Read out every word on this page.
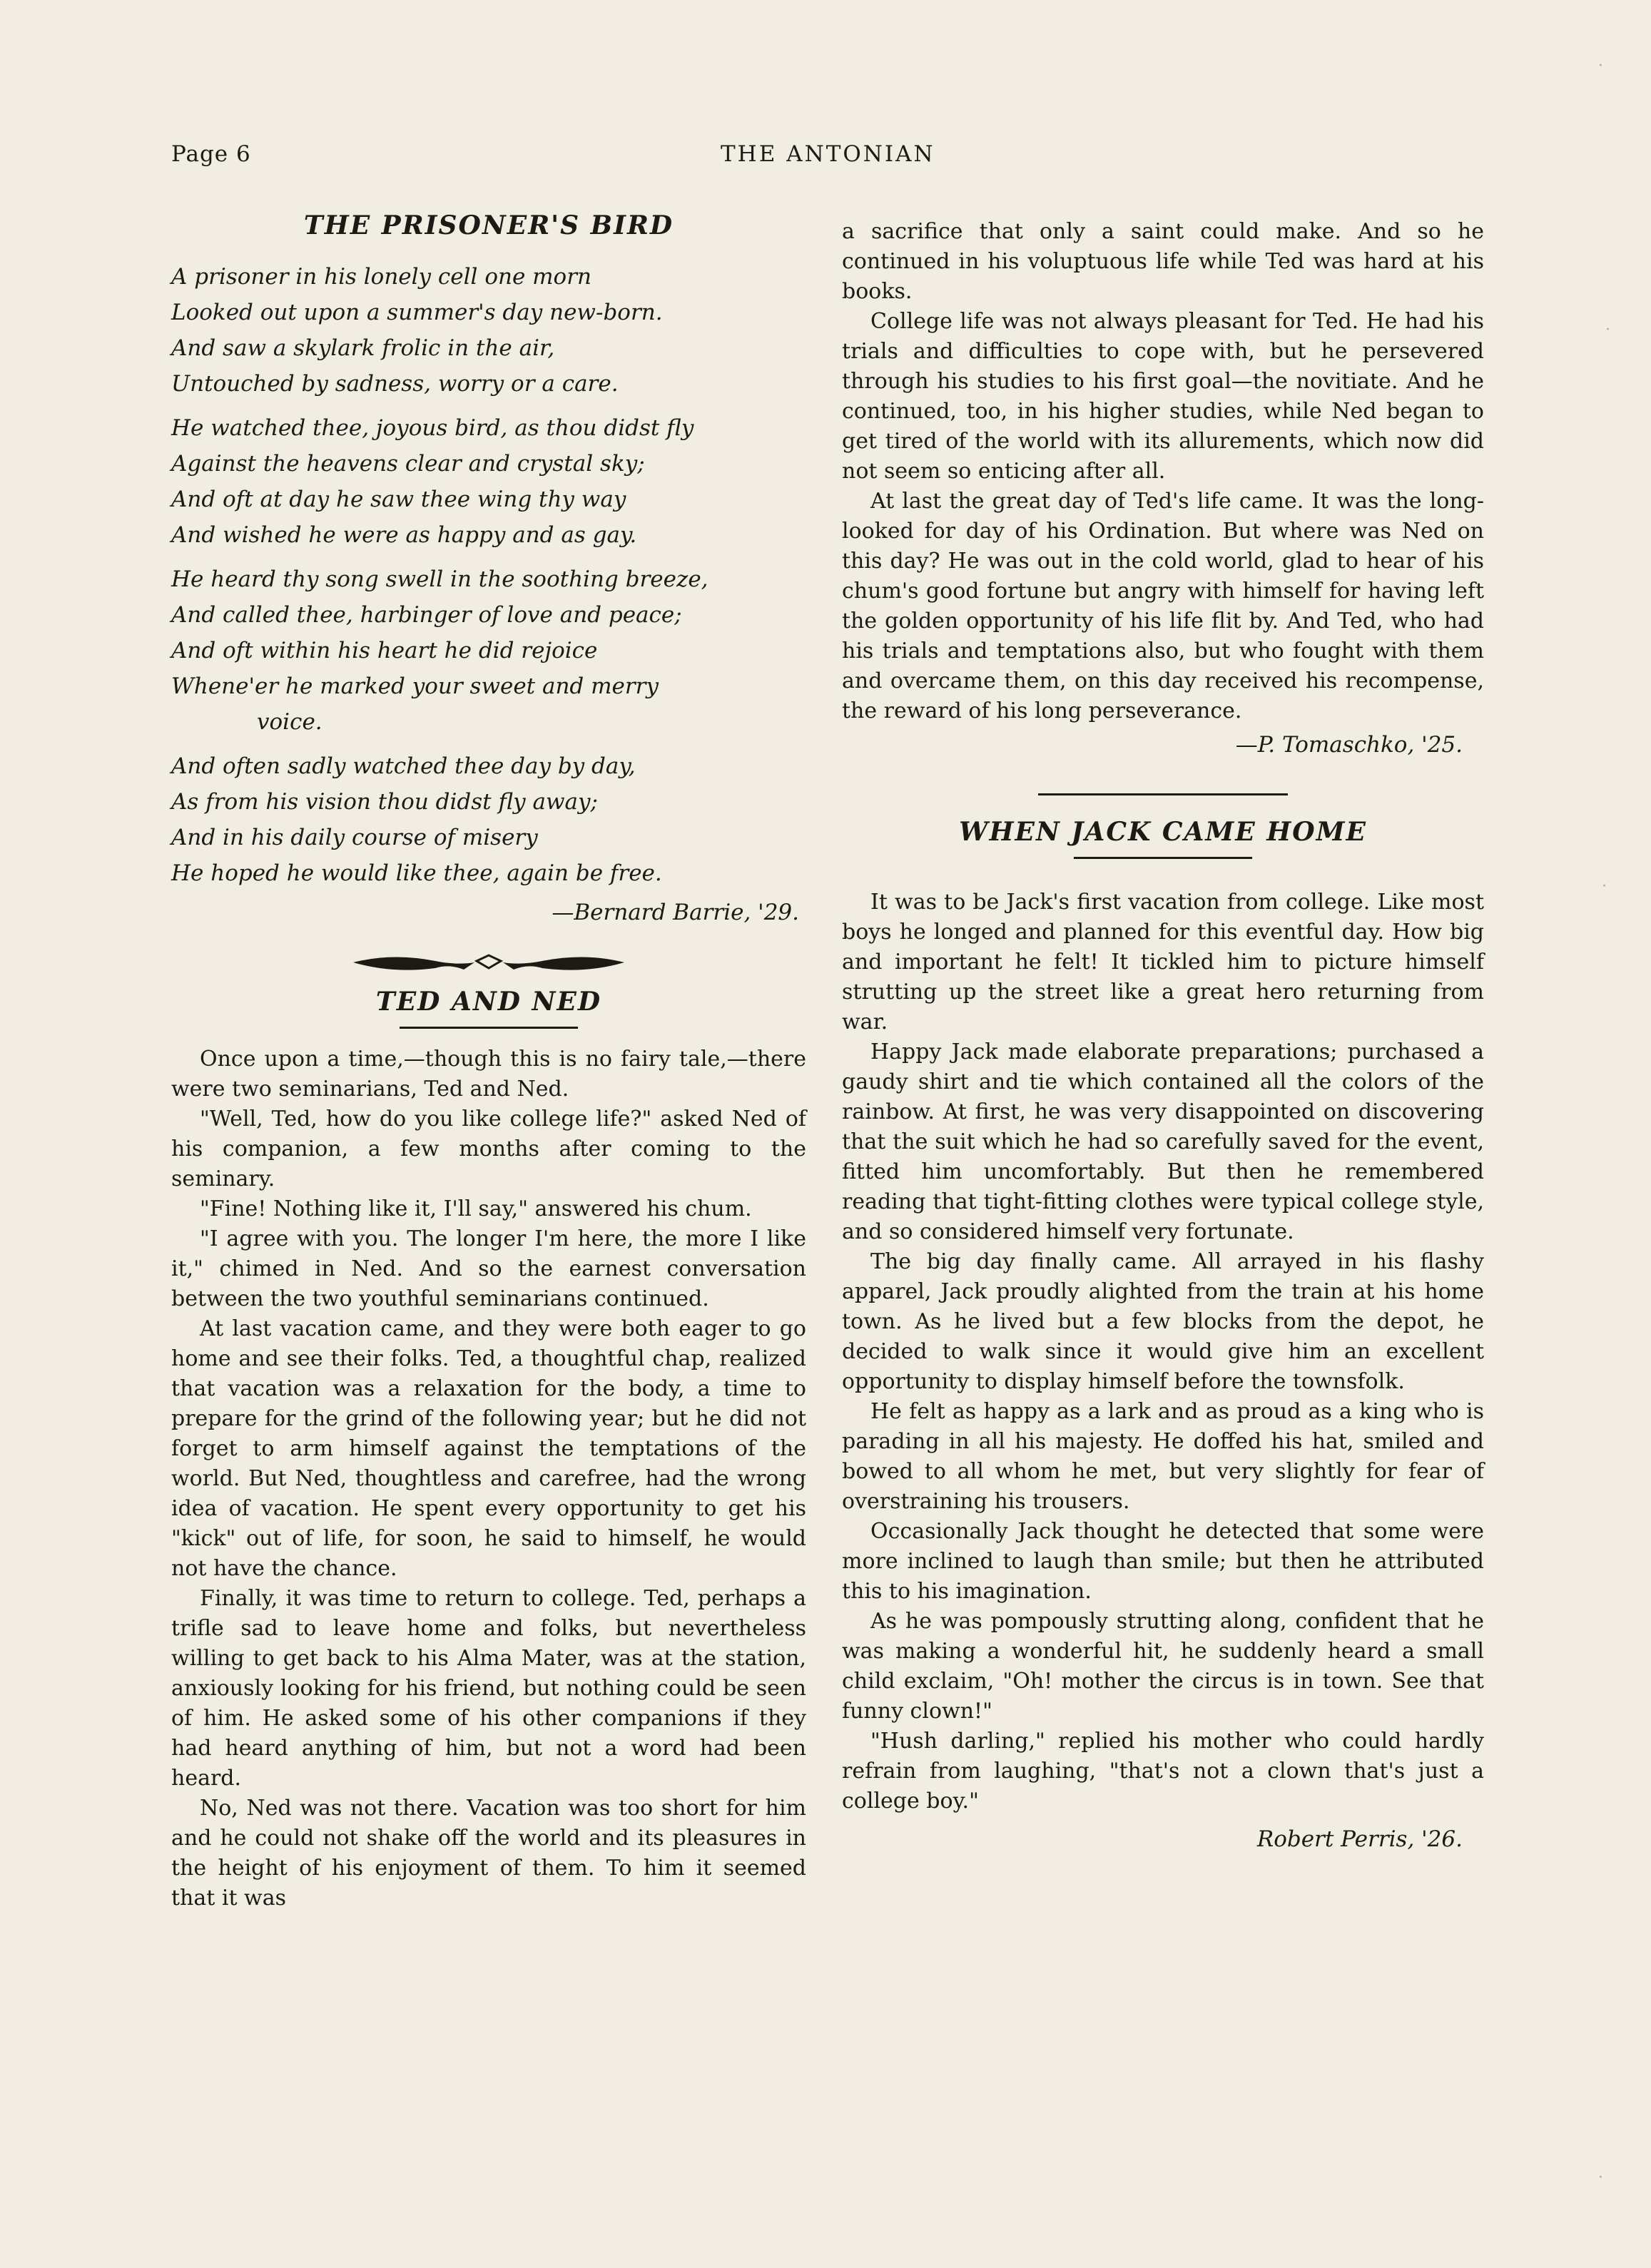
Page 6	THE ANTONIAN
THE PRISONER'S BIRD
A prisoner in his lonely cell one morn
Looked out upon a summer's day new-born.
And saw a skylark frolic in the air,
Untouched by sadness, worry or a care.
He watched thee, joyous bird, as thou didst fly
Against the heavens clear and crystal sky;
And oft at day he saw thee wing thy way
And wished he were as happy and as gay.
He heard thy song swell in the soothing breeze,
And called thee, harbinger of love and peace;
And oft within his heart he did rejoice
Whene'er he marked your sweet and merry
voice.
And often sadly watched thee day by day,
As from his vision thou didst fly away;
And in his daily course of misery
He hoped he would like thee, again be free.
—Bernard Barrie, '29.
TED AND NED

Once upon a time,—though this is no fairy tale,—there were two seminarians, Ted and Ned.

"Well, Ted, how do you like college life?" asked Ned of his companion, a few months after coming to the seminary.

"Fine! Nothing like it, I'll say," answered his chum.

"I agree with you. The longer I'm here, the more I like it," chimed in Ned. And so the earnest conversation between the two youthful seminarians continued.

At last vacation came, and they were both eager to go home and see their folks. Ted, a thoughtful chap, realized that vacation was a relaxation for the body, a time to prepare for the grind of the following year; but he did not forget to arm himself against the temptations of the world. But Ned, thoughtless and carefree, had the wrong idea of vacation. He spent every opportunity to get his "kick" out of life, for soon, he said to himself, he would not have the chance.

Finally, it was time to return to college. Ted, perhaps a trifle sad to leave home and folks, but nevertheless willing to get back to his Alma Mater, was at the station, anxiously looking for his friend, but nothing could be seen of him. He asked some of his other companions if they had heard anything of him, but not a word had been heard.

No, Ned was not there. Vacation was too short for him and he could not shake off the world and its pleasures in the height of his enjoyment of them. To him it seemed that it was

a sacrifice that only a saint could make. And so he continued in his voluptuous life while Ted was hard at his books.

College life was not always pleasant for Ted. He had his trials and difficulties to cope with, but he persevered through his studies to his first goal—the novitiate. And he continued, too, in his higher studies, while Ned began to get tired of the world with its allurements, which now did not seem so enticing after all.

At last the great day of Ted's life came. It was the long-looked for day of his Ordination. But where was Ned on this day? He was out in the cold world, glad to hear of his chum's good fortune but angry with himself for having left the golden opportunity of his life flit by. And Ted, who had his trials and temptations also, but who fought with them and overcame them, on this day received his recompense, the reward of his long perseverance.

—P. Tomaschko, '25.
WHEN JACK CAME HOME

It was to be Jack's first vacation from college. Like most boys he longed and planned for this eventful day. How big and important he felt! It tickled him to picture himself strutting up the street like a great hero returning from war.

Happy Jack made elaborate preparations; purchased a gaudy shirt and tie which contained all the colors of the rainbow. At first, he was very disappointed on discovering that the suit which he had so carefully saved for the event, fitted him uncomfortably. But then he remembered reading that tight-fitting clothes were typical college style, and so considered himself very fortunate.

The big day finally came. All arrayed in his flashy apparel, Jack proudly alighted from the train at his home town. As he lived but a few blocks from the depot, he decided to walk since it would give him an excellent opportunity to display himself before the townsfolk.

He felt as happy as a lark and as proud as a king who is parading in all his majesty. He doffed his hat, smiled and bowed to all whom he met, but very slightly for fear of overstraining his trousers.

Occasionally Jack thought he detected that some were more inclined to laugh than smile; but then he attributed this to his imagination.

As he was pompously strutting along, confident that he was making a wonderful hit, he suddenly heard a small child exclaim, "Oh! mother the circus is in town. See that funny clown!"

"Hush darling," replied his mother who could hardly refrain from laughing, "that's not a clown that's just a college boy."

Robert Perris, '26.
·
·
·
·
